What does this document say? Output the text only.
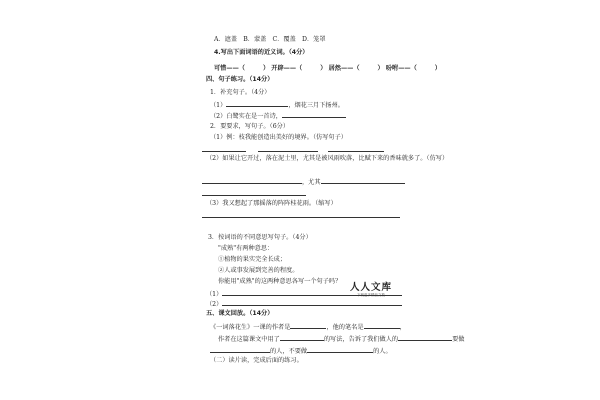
A．遮盖　B．蒙盖　C．覆盖　D．笼罩
4.写出下面词语的近义词。（4分）
可惜——（	） 开辟——（	） 居然——（	） 吩咐——（	）
四、句子练习。（14分）
1．补充句子。（4分）
（1）	，烟花三月下扬州。
（2）白鹭实在是一首诗，
2．要要求，写句子。（6分）
（1）例：枝我能创造出美好的境界。（仿写句子）

（2）如果让它开过，落在泥土里，尤其是被风雨吹落，比赋下来的香味就多了。（仿写）
，尤其
（3）我又想起了那摇落的阵阵桂花雨。（缩写）
3．按词语的不同意思写句子。（4分）
"成熟"有两种意思：
①植物的果实完全长成；
②人或事发展到完善的程度。
你能用"成熟"的这两种意思各写一个句子吗？
人人文库
下载更多精品文档
（1）
（2）
五、课文回放。（14分）
《一词落花生》一课的作者是	，他的笔名是	，
作者在这篇课文中用了	的写法，告诉了我们做人的	要做
的人，不要做	的人。
（二）读片读，完成后面的练习。
